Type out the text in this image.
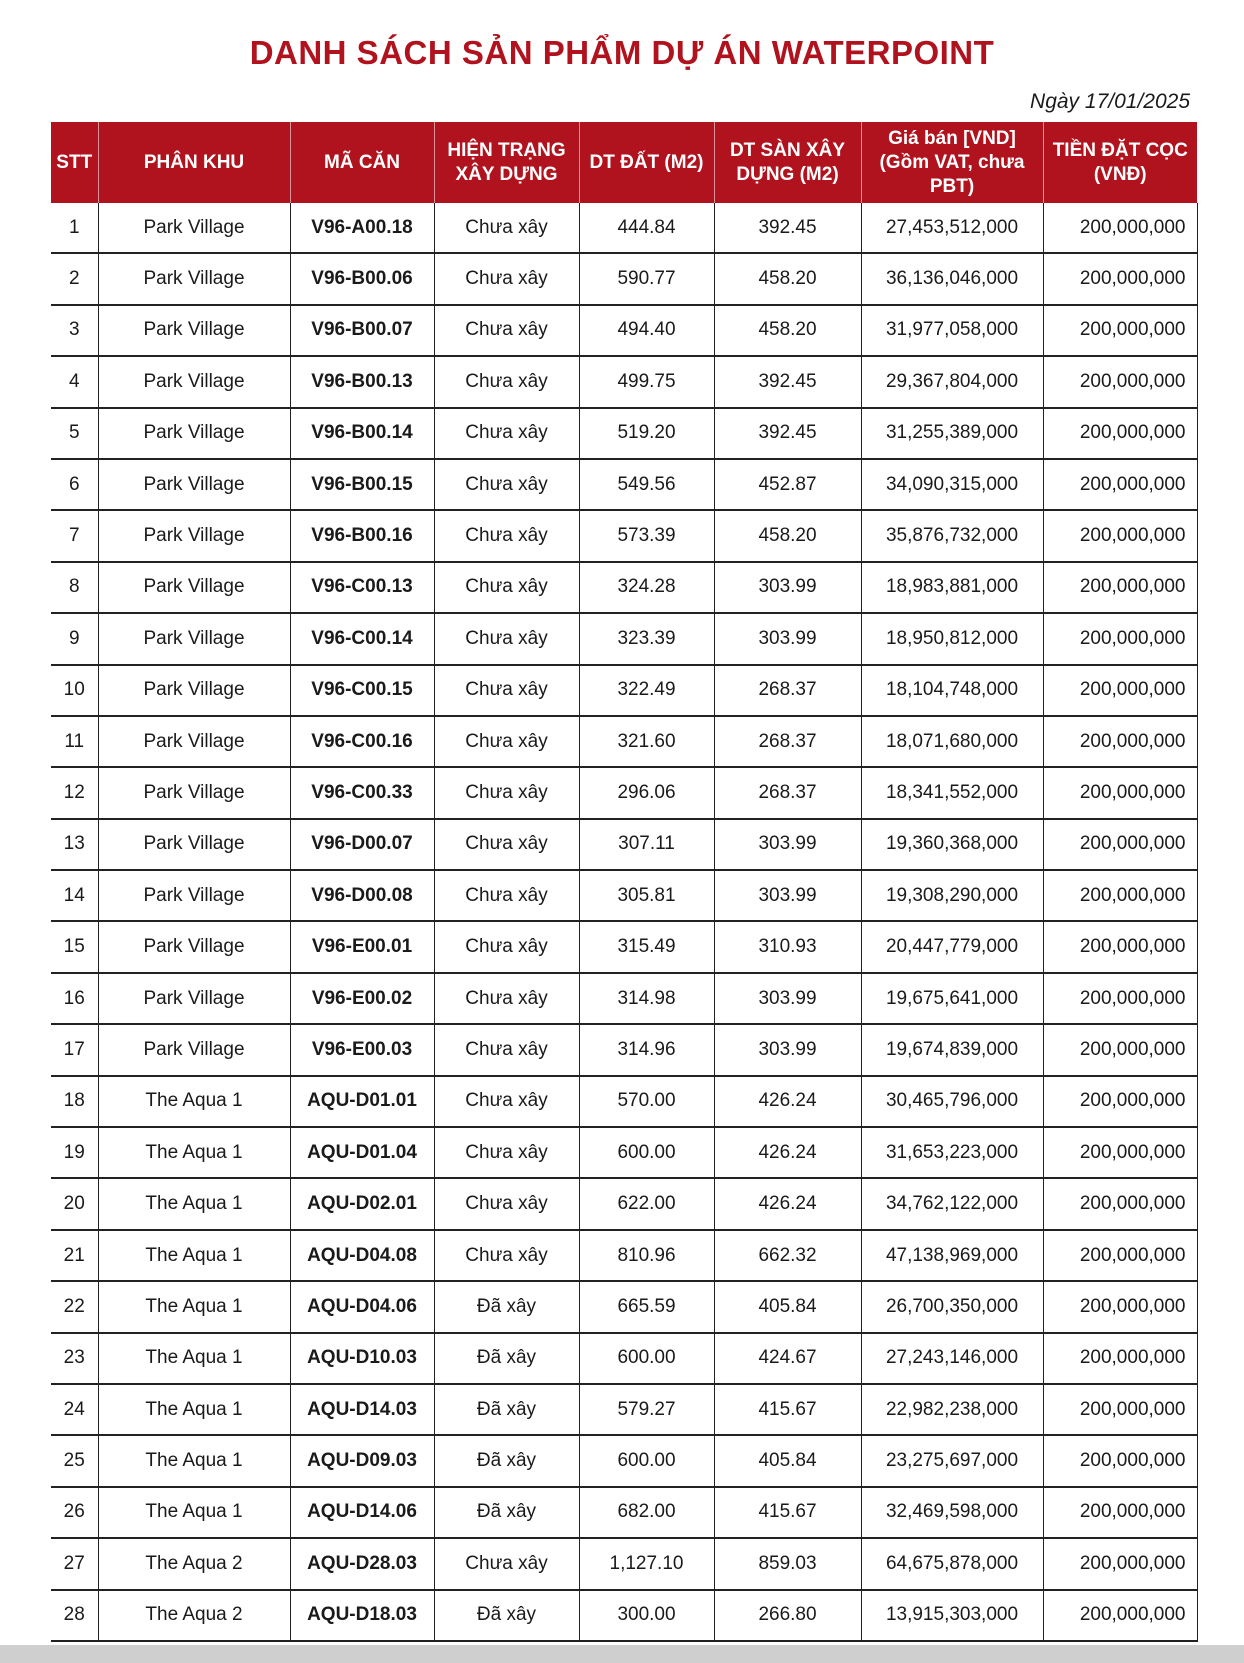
DANH SÁCH SẢN PHẨM DỰ ÁN WATERPOINT
Ngày 17/01/2025
STT	PHÂN KHU	MÃ CĂN	HIỆN TRẠNG XÂY DỰNG	DT ĐẤT (M2)	DT SÀN XÂY DỰNG (M2)	Giá bán [VND] (Gồm VAT, chưa PBT)	TIỀN ĐẶT CỌC (VNĐ)
1	Park Village	V96-A00.18	Chưa xây	444.84	392.45	27,453,512,000	200,000,000
2	Park Village	V96-B00.06	Chưa xây	590.77	458.20	36,136,046,000	200,000,000
3	Park Village	V96-B00.07	Chưa xây	494.40	458.20	31,977,058,000	200,000,000
4	Park Village	V96-B00.13	Chưa xây	499.75	392.45	29,367,804,000	200,000,000
5	Park Village	V96-B00.14	Chưa xây	519.20	392.45	31,255,389,000	200,000,000
6	Park Village	V96-B00.15	Chưa xây	549.56	452.87	34,090,315,000	200,000,000
7	Park Village	V96-B00.16	Chưa xây	573.39	458.20	35,876,732,000	200,000,000
8	Park Village	V96-C00.13	Chưa xây	324.28	303.99	18,983,881,000	200,000,000
9	Park Village	V96-C00.14	Chưa xây	323.39	303.99	18,950,812,000	200,000,000
10	Park Village	V96-C00.15	Chưa xây	322.49	268.37	18,104,748,000	200,000,000
11	Park Village	V96-C00.16	Chưa xây	321.60	268.37	18,071,680,000	200,000,000
12	Park Village	V96-C00.33	Chưa xây	296.06	268.37	18,341,552,000	200,000,000
13	Park Village	V96-D00.07	Chưa xây	307.11	303.99	19,360,368,000	200,000,000
14	Park Village	V96-D00.08	Chưa xây	305.81	303.99	19,308,290,000	200,000,000
15	Park Village	V96-E00.01	Chưa xây	315.49	310.93	20,447,779,000	200,000,000
16	Park Village	V96-E00.02	Chưa xây	314.98	303.99	19,675,641,000	200,000,000
17	Park Village	V96-E00.03	Chưa xây	314.96	303.99	19,674,839,000	200,000,000
18	The Aqua 1	AQU-D01.01	Chưa xây	570.00	426.24	30,465,796,000	200,000,000
19	The Aqua 1	AQU-D01.04	Chưa xây	600.00	426.24	31,653,223,000	200,000,000
20	The Aqua 1	AQU-D02.01	Chưa xây	622.00	426.24	34,762,122,000	200,000,000
21	The Aqua 1	AQU-D04.08	Chưa xây	810.96	662.32	47,138,969,000	200,000,000
22	The Aqua 1	AQU-D04.06	Đã xây	665.59	405.84	26,700,350,000	200,000,000
23	The Aqua 1	AQU-D10.03	Đã xây	600.00	424.67	27,243,146,000	200,000,000
24	The Aqua 1	AQU-D14.03	Đã xây	579.27	415.67	22,982,238,000	200,000,000
25	The Aqua 1	AQU-D09.03	Đã xây	600.00	405.84	23,275,697,000	200,000,000
26	The Aqua 1	AQU-D14.06	Đã xây	682.00	415.67	32,469,598,000	200,000,000
27	The Aqua 2	AQU-D28.03	Chưa xây	1,127.10	859.03	64,675,878,000	200,000,000
28	The Aqua 2	AQU-D18.03	Đã xây	300.00	266.80	13,915,303,000	200,000,000
